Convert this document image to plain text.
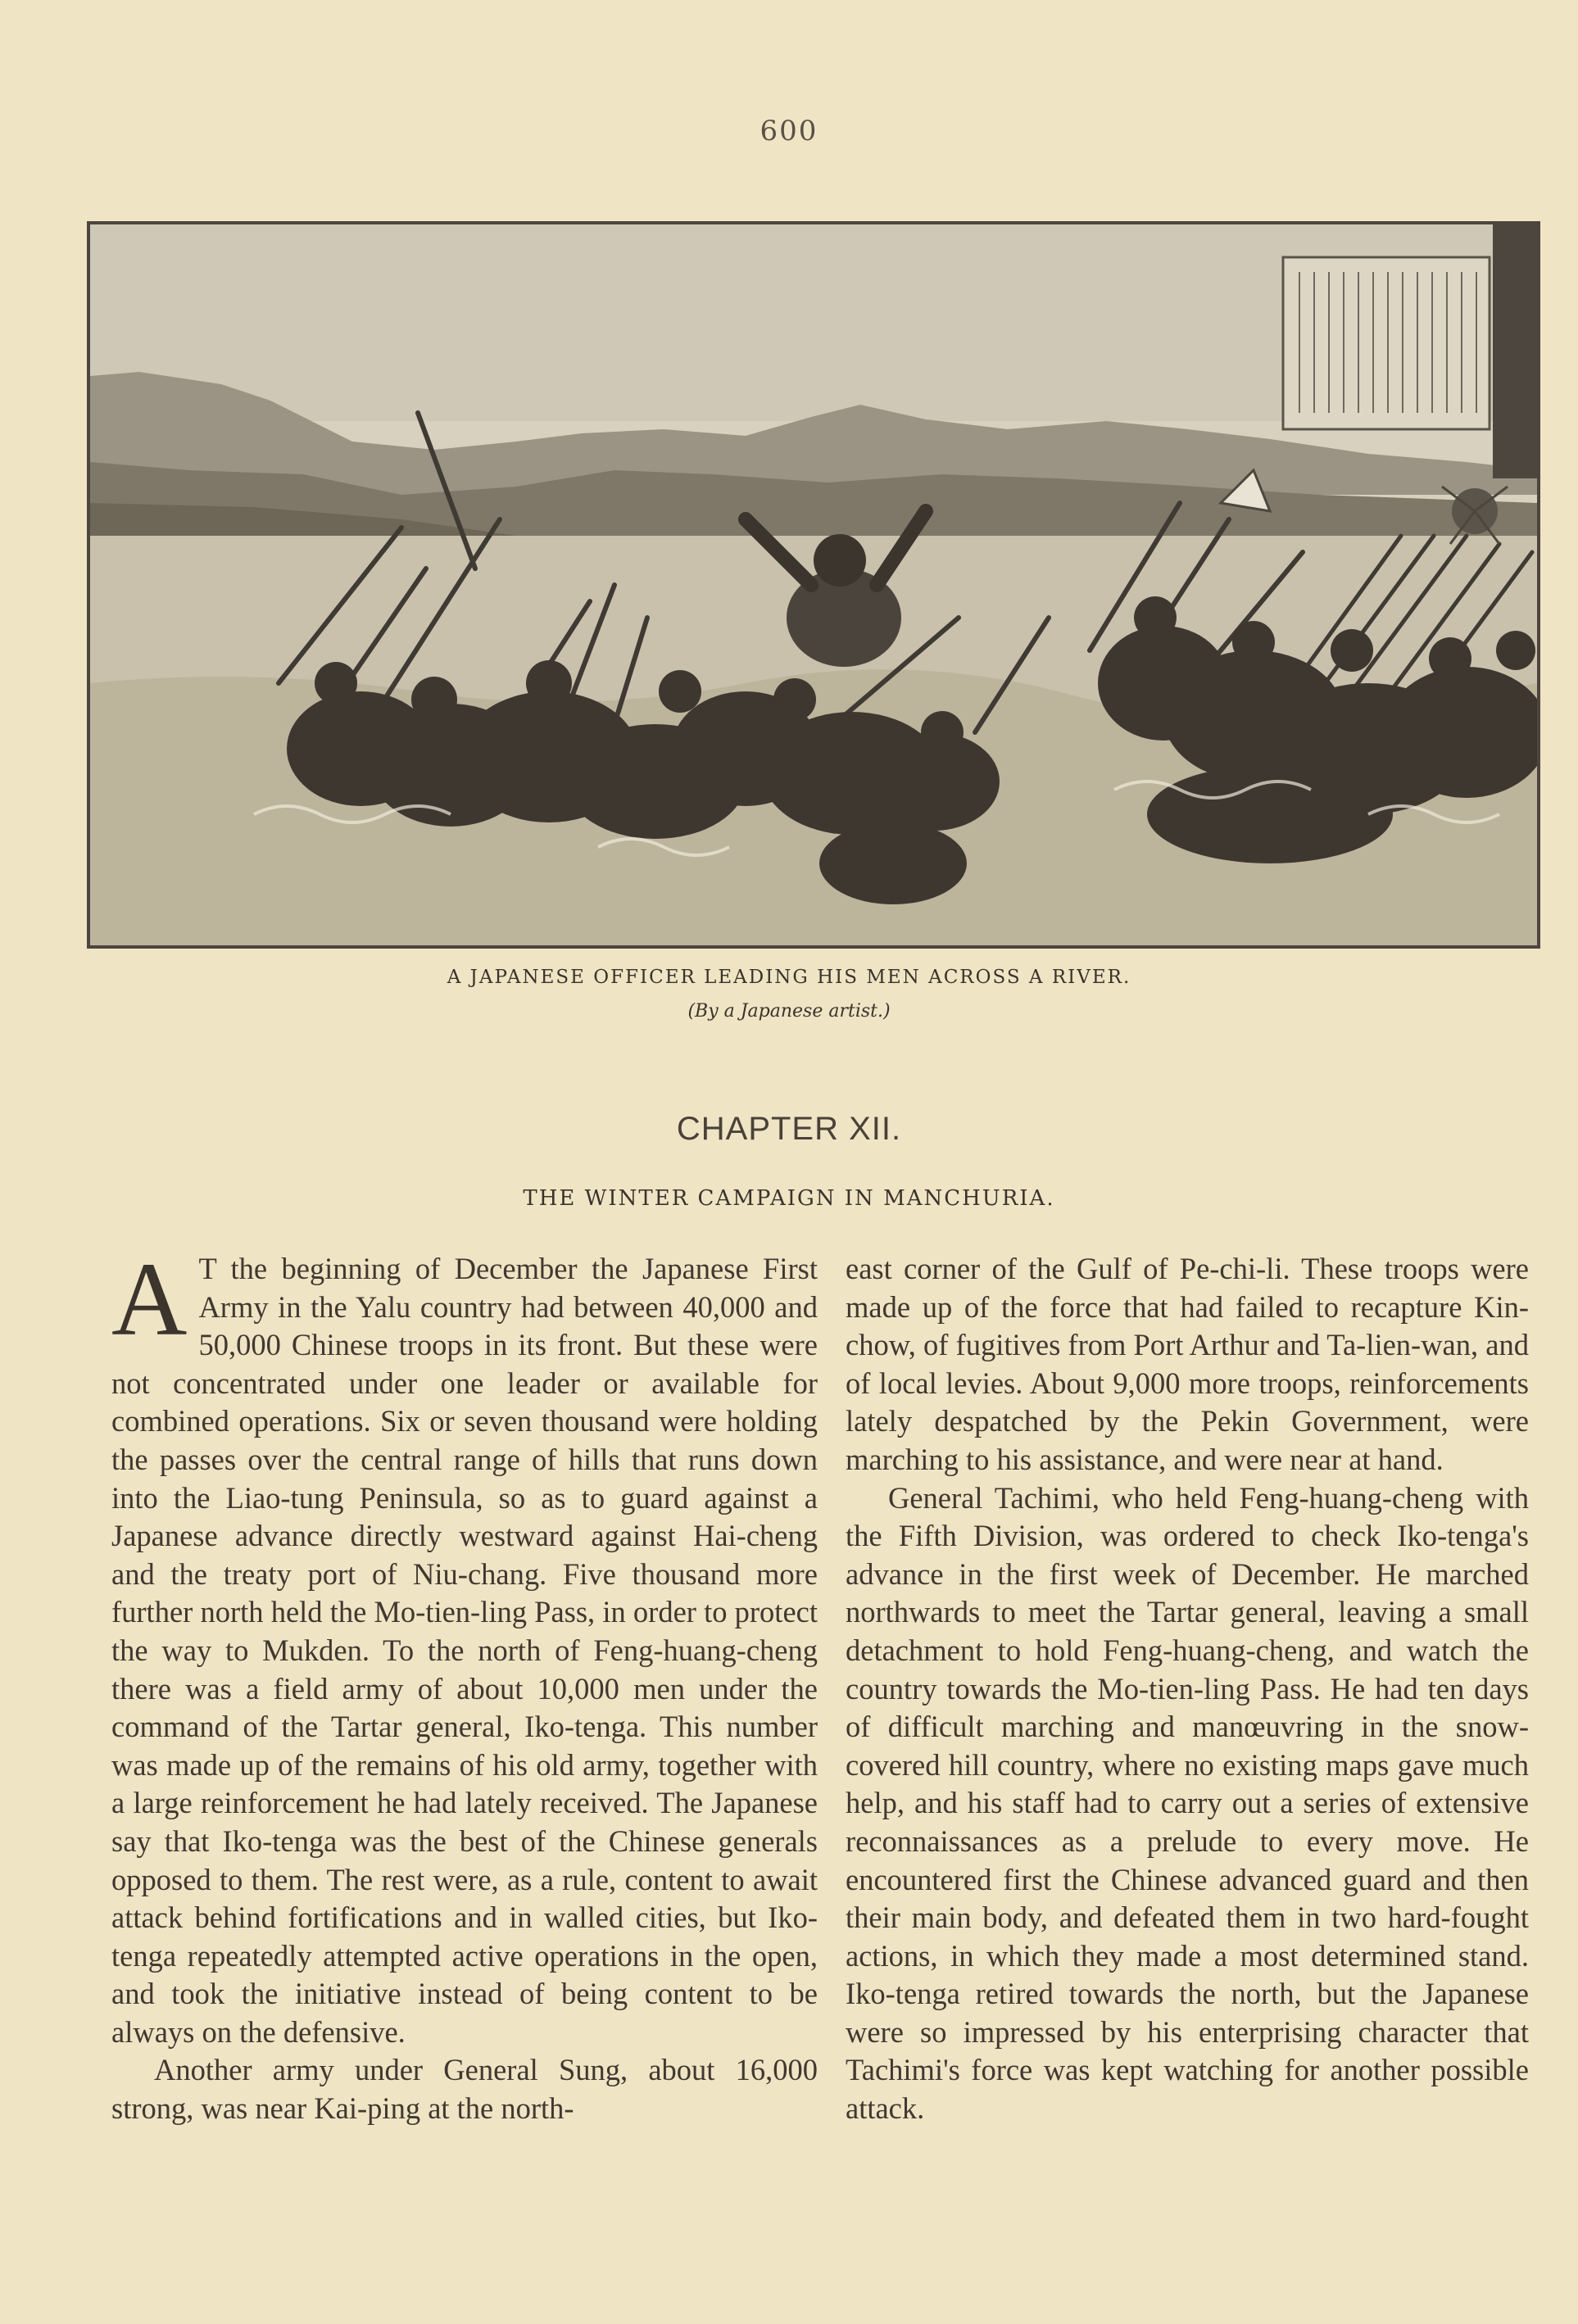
600
A JAPANESE OFFICER LEADING HIS MEN ACROSS A RIVER.
(By a Japanese artist.)
CHAPTER XII.
THE WINTER CAMPAIGN IN MANCHURIA.

A T the beginning of December the Japanese First Army in the Yalu country had between 40,000 and 50,000 Chinese troops in its front. But these were not concentrated under one leader or available for combined operations. Six or seven thousand were holding the passes over the central range of hills that runs down into the Liao-tung Peninsula, so as to guard against a Japanese advance directly westward against Hai-cheng and the treaty port of Niu-chang. Five thousand more further north held the Mo-tien-ling Pass, in order to protect the way to Mukden. To the north of Feng-huang-cheng there was a field army of about 10,000 men under the command of the Tartar general, Iko-tenga. This number was made up of the remains of his old army, together with a large reinforcement he had lately received. The Japanese say that Iko-tenga was the best of the Chinese generals opposed to them. The rest were, as a rule, content to await attack behind fortifications and in walled cities, but Iko-tenga repeatedly attempted active operations in the open, and took the initiative instead of being content to be always on the defensive.

Another army under General Sung, about 16,000 strong, was near Kai-ping at the north-

east corner of the Gulf of Pe-chi-li. These troops were made up of the force that had failed to recapture Kin-chow, of fugitives from Port Arthur and Ta-lien-wan, and of local levies. About 9,000 more troops, reinforcements lately despatched by the Pekin Government, were marching to his assistance, and were near at hand.

General Tachimi, who held Feng-huang-cheng with the Fifth Division, was ordered to check Iko-tenga's advance in the first week of December. He marched northwards to meet the Tartar general, leaving a small detachment to hold Feng-huang-cheng, and watch the country towards the Mo-tien-ling Pass. He had ten days of difficult marching and manœuvring in the snow-covered hill country, where no existing maps gave much help, and his staff had to carry out a series of extensive reconnaissances as a prelude to every move. He encountered first the Chinese advanced guard and then their main body, and defeated them in two hard-fought actions, in which they made a most determined stand. Iko-tenga retired towards the north, but the Japanese were so impressed by his enterprising character that Tachimi's force was kept watching for another possible attack.
